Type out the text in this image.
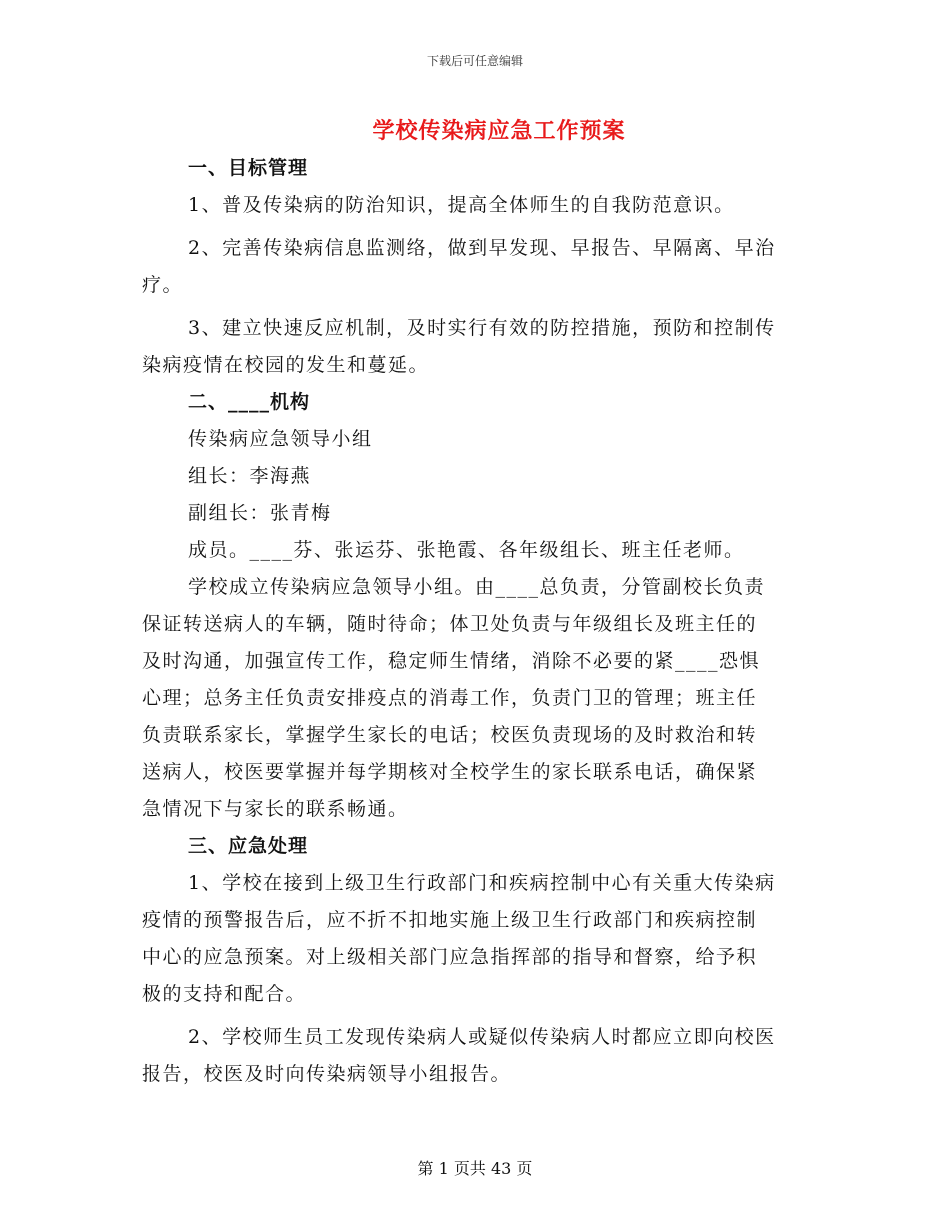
下载后可任意编辑
学校传染病应急工作预案
一、目标管理
1、普及传染病的防治知识，提高全体师生的自我防范意识。
2、完善传染病信息监测络，做到早发现、早报告、早隔离、早治
疗。
3、建立快速反应机制，及时实行有效的防控措施，预防和控制传
染病疫情在校园的发生和蔓延。
二、____机构
传染病应急领导小组
组长：李海燕
副组长：张青梅
成员。____芬、张运芬、张艳霞、各年级组长、班主任老师。
学校成立传染病应急领导小组。由____总负责，分管副校长负责
保证转送病人的车辆，随时待命；体卫处负责与年级组长及班主任的
及时沟通，加强宣传工作，稳定师生情绪，消除不必要的紧____恐惧
心理；总务主任负责安排疫点的消毒工作，负责门卫的管理；班主任
负责联系家长，掌握学生家长的电话；校医负责现场的及时救治和转
送病人，校医要掌握并每学期核对全校学生的家长联系电话，确保紧
急情况下与家长的联系畅通。
三、应急处理
1、学校在接到上级卫生行政部门和疾病控制中心有关重大传染病
疫情的预警报告后，应不折不扣地实施上级卫生行政部门和疾病控制
中心的应急预案。对上级相关部门应急指挥部的指导和督察，给予积
极的支持和配合。
2、学校师生员工发现传染病人或疑似传染病人时都应立即向校医
报告，校医及时向传染病领导小组报告。
第 1 页共 43 页
